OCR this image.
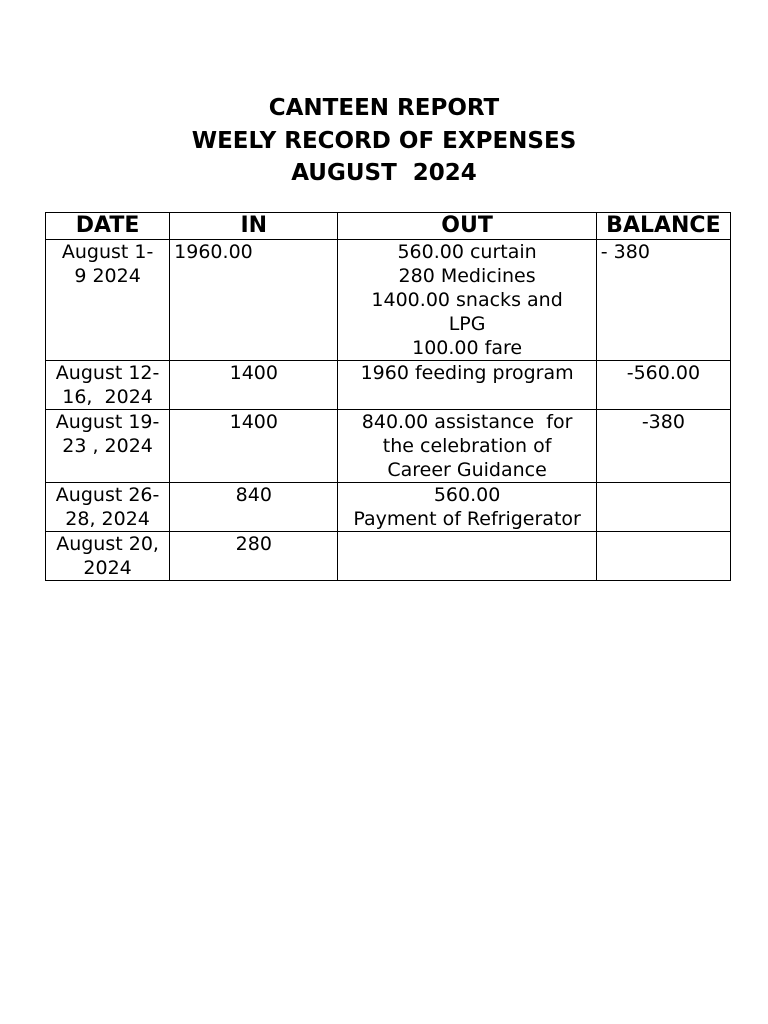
CANTEEN REPORT
WEELY RECORD OF EXPENSES
AUGUST  2024
DATE	IN	OUT	BALANCE

August 1-
9 2024	1960.00	560.00 curtain
280 Medicines
1400.00 snacks and
LPG
100.00 fare	- 380

August 12-
16,  2024	1400	1960 feeding program	-560.00

August 19-
23 , 2024	1400	840.00 assistance  for
the celebration of
Career Guidance	-380

August 26-
28, 2024	840	560.00
Payment of Refrigerator	

August 20,
2024	280		
